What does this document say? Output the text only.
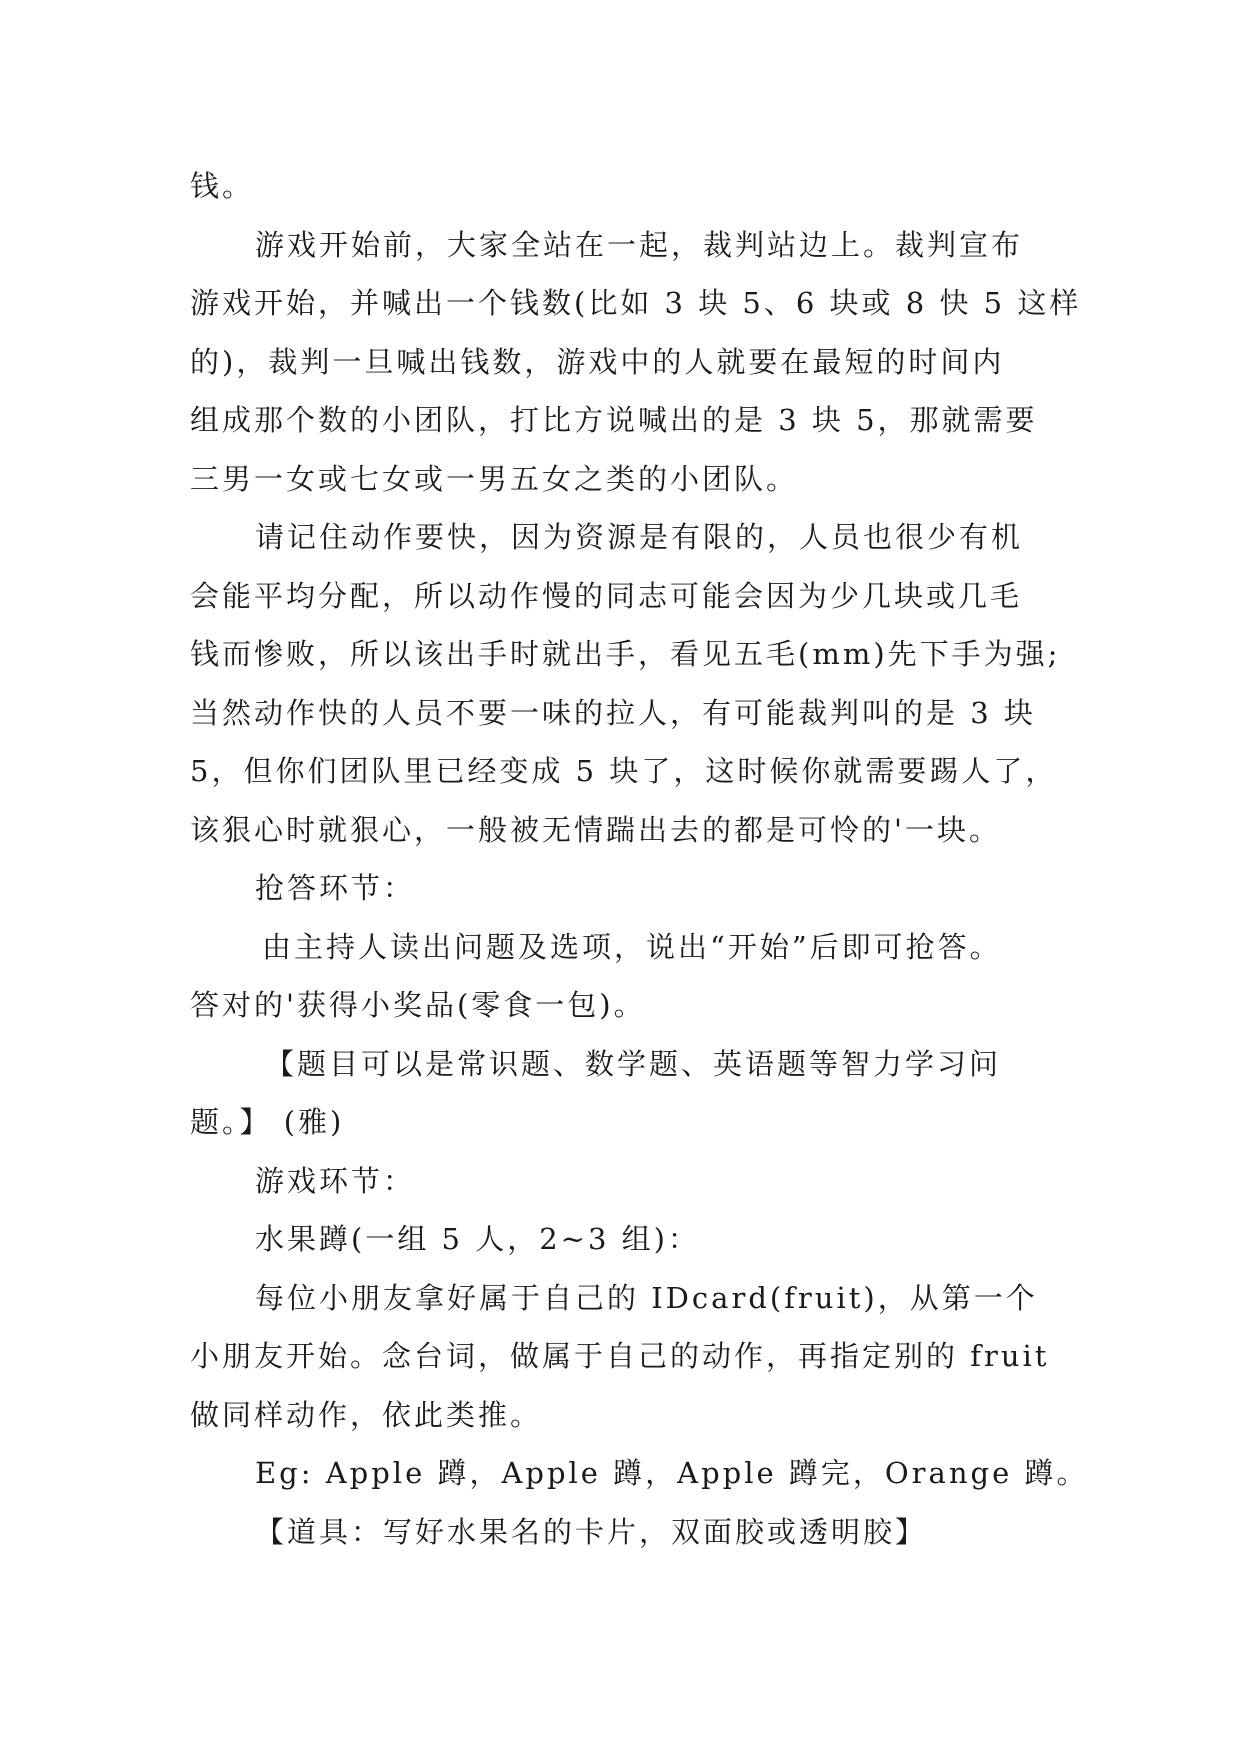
钱。

游戏开始前，大家全站在一起，裁判站边上。裁判宣布

游戏开始，并喊出一个钱数(比如 3 块 5、6 块或 8 快 5 这样

的)，裁判一旦喊出钱数，游戏中的人就要在最短的时间内

组成那个数的小团队，打比方说喊出的是 3 块 5，那就需要

三男一女或七女或一男五女之类的小团队。

请记住动作要快，因为资源是有限的，人员也很少有机

会能平均分配，所以动作慢的同志可能会因为少几块或几毛

钱而惨败，所以该出手时就出手，看见五毛(mm)先下手为强;

当然动作快的人员不要一味的拉人，有可能裁判叫的是 3 块

5，但你们团队里已经变成 5 块了，这时候你就需要踢人了，

该狠心时就狠心，一般被无情踹出去的都是可怜的'一块。

抢答环节：

由主持人读出问题及选项，说出“开始”后即可抢答。

答对的'获得小奖品(零食一包)。

【题目可以是常识题、数学题、英语题等智力学习问

题。】 (雅)

游戏环节：

水果蹲(一组 5 人，2~3 组)：

每位小朋友拿好属于自己的 IDcard(fruit)，从第一个

小朋友开始。念台词，做属于自己的动作，再指定别的 fruit

做同样动作，依此类推。

Eg: Apple 蹲，Apple 蹲，Apple 蹲完，Orange 蹲。

【道具：写好水果名的卡片，双面胶或透明胶】
